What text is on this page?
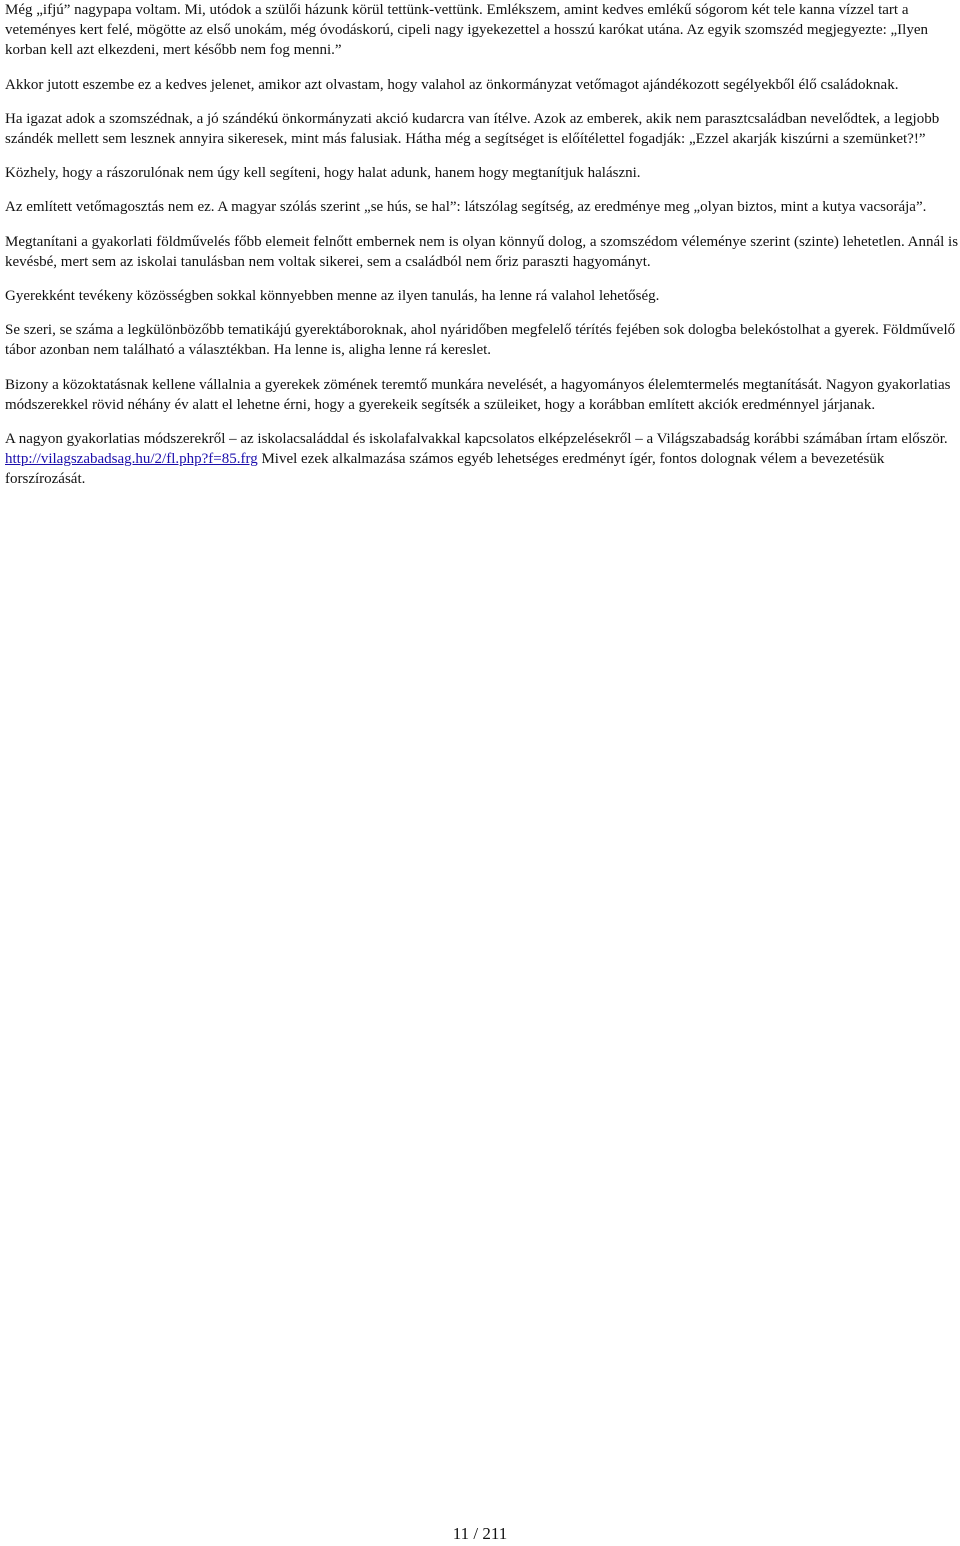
Még „ifjú” nagypapa voltam. Mi, utódok a szülői házunk körül tettünk-vettünk. Emlékszem, amint kedves emlékű sógorom két tele kanna vízzel tart a veteményes kert felé, mögötte az első unokám, még óvodáskorú, cipeli nagy igyekezettel a hosszú karókat utána. Az egyik szomszéd megjegyezte: „Ilyen korban kell azt elkezdeni, mert később nem fog menni.”

Akkor jutott eszembe ez a kedves jelenet, amikor azt olvastam, hogy valahol az önkormányzat vetőmagot ajándékozott segélyekből élő családoknak.

Ha igazat adok a szomszédnak, a jó szándékú önkormányzati akció kudarcra van ítélve. Azok az emberek, akik nem parasztcsaládban nevelődtek, a legjobb szándék mellett sem lesznek annyira sikeresek, mint más falusiak. Hátha még a segítséget is előítélettel fogadják: „Ezzel akarják kiszúrni a szemünket?!”

Közhely, hogy a rászorulónak nem úgy kell segíteni, hogy halat adunk, hanem hogy megtanítjuk halászni.

Az említett vetőmagosztás nem ez. A magyar szólás szerint „se hús, se hal”: látszólag segítség, az eredménye meg „olyan biztos, mint a kutya vacsorája”.

Megtanítani a gyakorlati földművelés főbb elemeit felnőtt embernek nem is olyan könnyű dolog, a szomszédom véleménye szerint (szinte) lehetetlen. Annál is kevésbé, mert sem az iskolai tanulásban nem voltak sikerei, sem a családból nem őriz paraszti hagyományt.

Gyerekként tevékeny közösségben sokkal könnyebben menne az ilyen tanulás, ha lenne rá valahol lehetőség.

Se szeri, se száma a legkülönbözőbb tematikájú gyerektáboroknak, ahol nyáridőben megfelelő térítés fejében sok dologba belekóstolhat a gyerek. Földművelő tábor azonban nem található a választékban. Ha lenne is, aligha lenne rá kereslet.

Bizony a közoktatásnak kellene vállalnia a gyerekek zömének teremtő munkára nevelését, a hagyományos élelemtermelés megtanítását. Nagyon gyakorlatias módszerekkel rövid néhány év alatt el lehetne érni, hogy a gyerekeik segítsék a szüleiket, hogy a korábban említett akciók eredménnyel járjanak.

A nagyon gyakorlatias módszerekről – az iskolacsaláddal és iskolafalvakkal kapcsolatos elképzelésekről – a Világszabadság korábbi számában írtam először. http://vilagszabadsag.hu/2/fl.php?f=85.frg Mivel ezek alkalmazása számos egyéb lehetséges eredményt ígér, fontos dolognak vélem a bevezetésük forszírozását.

11 / 211
